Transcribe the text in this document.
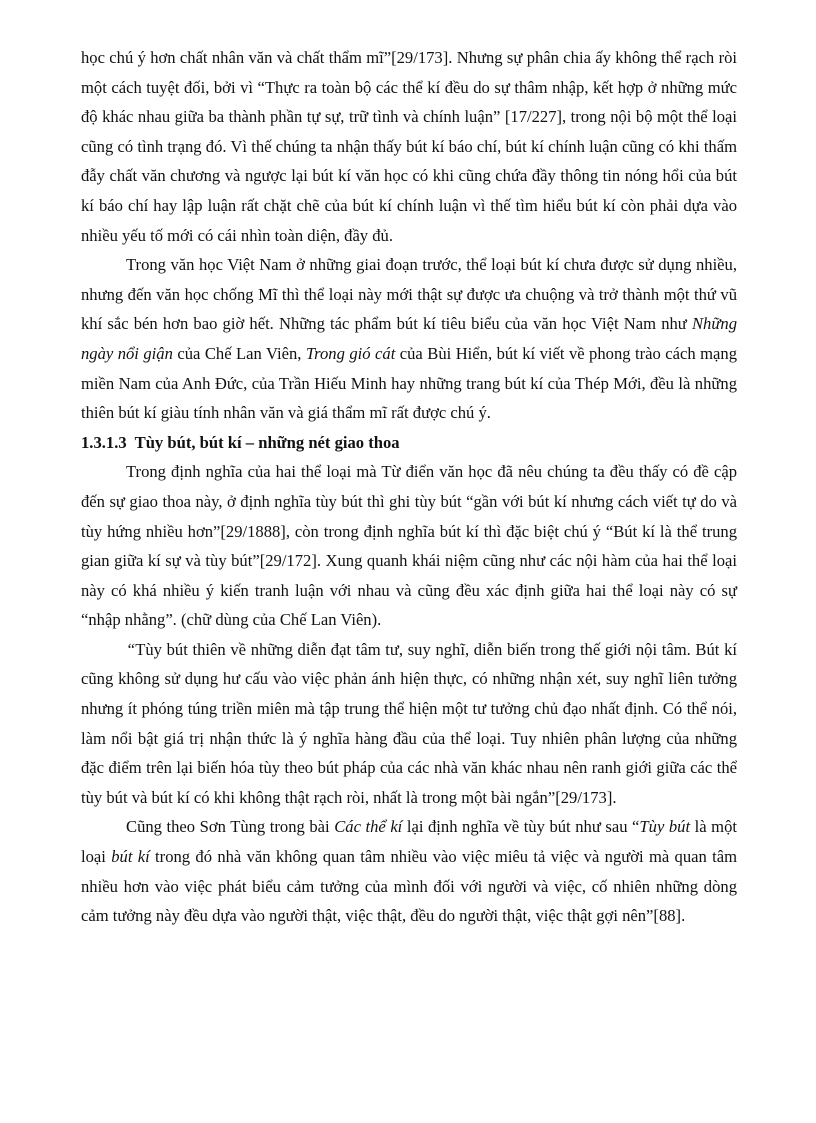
học chú ý hơn chất nhân văn và chất thẩm mĩ”[29/173]. Nhưng sự phân chia ấy không thể rạch ròi một cách tuyệt đối, bởi vì “Thực ra toàn bộ các thể kí đều do sự thâm nhập, kết hợp ở những mức độ khác nhau giữa ba thành phần tự sự, trữ tình và chính luận” [17/227], trong nội bộ một thể loại cũng có tình trạng đó. Vì thế chúng ta nhận thấy bút kí báo chí, bút kí chính luận cũng có khi thấm đẫy chất văn chương và ngược lại bút kí văn học có khi cũng chứa đầy thông tin nóng hổi của bút kí báo chí hay lập luận rất chặt chẽ của bút kí chính luận vì thế tìm hiểu bút kí còn phải dựa vào nhiều yếu tố mới có cái nhìn toàn diện, đầy đủ.

Trong văn học Việt Nam ở những giai đoạn trước, thể loại bút kí chưa được sử dụng nhiều, nhưng đến văn học chống Mĩ thì thể loại này mới thật sự được ưa chuộng và trở thành một thứ vũ khí sắc bén hơn bao giờ hết. Những tác phẩm bút kí tiêu biểu của văn học Việt Nam như Những ngày nổi giận của Chế Lan Viên, Trong gió cát của Bùi Hiển, bút kí viết về phong trào cách mạng miền Nam của Anh Đức, của Trần Hiếu Minh hay những trang bút kí của Thép Mới, đều là những thiên bút kí giàu tính nhân văn và giá thẩm mĩ rất được chú ý.

1.3.1.3 Tùy bút, bút kí – những nét giao thoa

Trong định nghĩa của hai thể loại mà Từ điển văn học đã nêu chúng ta đều thấy có đề cập đến sự giao thoa này, ở định nghĩa tùy bút thì ghi tùy bút “gần với bút kí nhưng cách viết tự do và tùy hứng nhiều hơn”[29/1888], còn trong định nghĩa bút kí thì đặc biệt chú ý “Bút kí là thể trung gian giữa kí sự và tùy bút”[29/172]. Xung quanh khái niệm cũng như các nội hàm của hai thể loại này có khá nhiều ý kiến tranh luận với nhau và cũng đều xác định giữa hai thể loại này có sự “nhập nhằng”. (chữ dùng của Chế Lan Viên).

“Tùy bút thiên về những diễn đạt tâm tư, suy nghĩ, diễn biến trong thế giới nội tâm. Bút kí cũng không sử dụng hư cấu vào việc phản ánh hiện thực, có những nhận xét, suy nghĩ liên tưởng nhưng ít phóng túng triền miên mà tập trung thể hiện một tư tưởng chủ đạo nhất định. Có thể nói, làm nổi bật giá trị nhận thức là ý nghĩa hàng đầu của thể loại. Tuy nhiên phân lượng của những đặc điểm trên lại biến hóa tùy theo bút pháp của các nhà văn khác nhau nên ranh giới giữa các thể tùy bút và bút kí có khi không thật rạch ròi, nhất là trong một bài ngắn”[29/173].

Cũng theo Sơn Tùng trong bài Các thể kí lại định nghĩa về tùy bút như sau “Tùy bút là một loại bút kí trong đó nhà văn không quan tâm nhiều vào việc miêu tả việc và người mà quan tâm nhiều hơn vào việc phát biểu cảm tưởng của mình đối với người và việc, cố nhiên những dòng cảm tưởng này đều dựa vào người thật, việc thật, đều do người thật, việc thật gợi nên”[88].
